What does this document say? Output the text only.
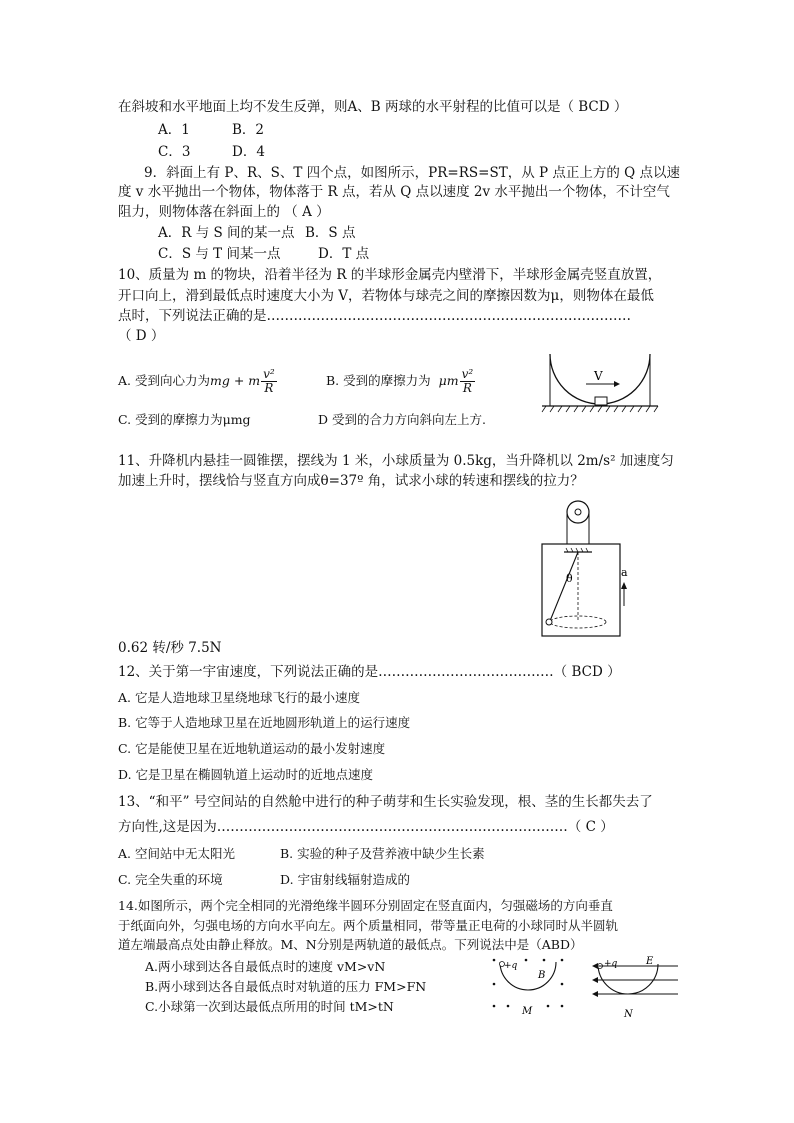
在斜坡和水平地面上均不发生反弹，则A、B 两球的水平射程的比值可以是（ BCD ）
A．1	B．2
C．3	D．4
9．斜面上有 P、R、S、T 四个点，如图所示，PR=RS=ST，从 P 点正上方的 Q 点以速
度 v 水平抛出一个物体，物体落于 R 点，若从 Q 点以速度 2v 水平抛出一个物体，不计空气
阻力，则物体落在斜面上的 （ A ）
A．R 与 S 间的某一点 B．S 点
C．S 与 T 间某一点	D．T 点
10、质量为 m 的物块，沿着半径为 R 的半球形金属壳内壁滑下，半球形金属壳竖直放置，
开口向上，滑到最低点时速度大小为 V，若物体与球壳之间的摩擦因数为μ，则物体在最低
点时，下列说法正确的是………………………………………………………………………
（ D ）
A. 受到向心力为mg + m $\frac{\text{v²}}{R}$	B. 受到的摩擦力为 μm $\frac{\text{v²}}{R}$
C. 受到的摩擦力为μmg	D 受到的合力方向斜向左上方.
V
11、升降机内悬挂一圆锥摆，摆线为 1 米，小球质量为 0.5kg，当升降机以 2m/s² 加速度匀
加速上升时，摆线恰与竖直方向成θ=37º 角，试求小球的转速和摆线的拉力？
θ	a
0.62 转/秒 7.5N
12、关于第一宇宙速度，下列说法正确的是…………………………………（ BCD ）
A. 它是人造地球卫星绕地球飞行的最小速度
B. 它等于人造地球卫星在近地圆形轨道上的运行速度
C. 它是能使卫星在近地轨道运动的最小发射速度
D. 它是卫星在椭圆轨道上运动时的近地点速度
13、“和平” 号空间站的自然舱中进行的种子萌芽和生长实验发现，根、茎的生长都失去了
方向性,这是因为……………………………………………………………………（ C ）
A. 空间站中无太阳光	B. 实验的种子及营养液中缺少生长素
C. 完全失重的环境	D. 宇宙射线辐射造成的
14.如图所示，两个完全相同的光滑绝缘半圆环分别固定在竖直面内，匀强磁场的方向垂直
于纸面向外，匀强电场的方向水平向左。两个质量相同，带等量正电荷的小球同时从半圆轨
道左端最高点处由静止释放。M、N分别是两轨道的最低点。下列说法中是（ABD）
A.两小球到达各自最低点时的速度 vM>vN
B.两小球到达各自最低点时对轨道的压力 FM>FN
C.小球第一次到达最低点所用的时间 tM>tN
+q
B
M
+q	E
N
